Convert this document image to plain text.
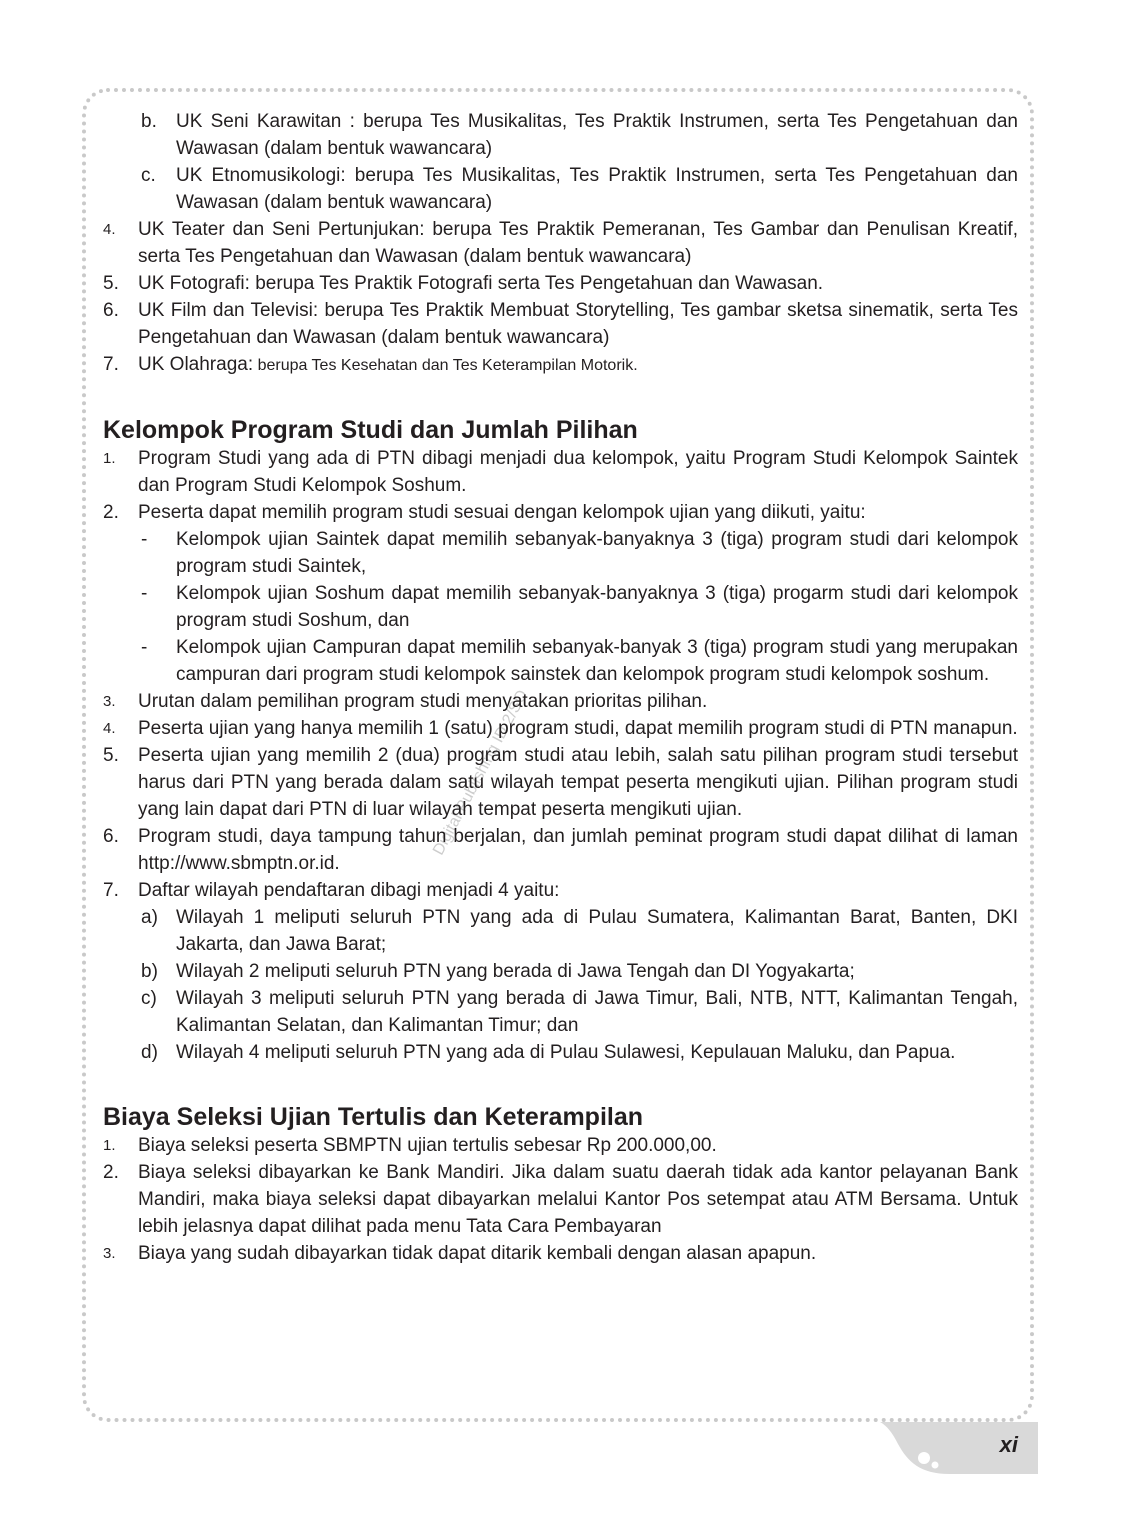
Digital Publishing ID 2/SO
b.	UK Seni Karawitan : berupa Tes Musikalitas, Tes Praktik Instrumen, serta Tes Pengetahuan dan Wawasan (dalam bentuk wawancara)
c.	UK Etnomusikologi: berupa Tes Musikalitas, Tes Praktik Instrumen, serta Tes Pengetahuan dan Wawasan (dalam bentuk wawancara)
4.	UK Teater dan Seni Pertunjukan: berupa Tes Praktik Pemeranan, Tes Gambar dan Penulisan Kreatif, serta Tes Pengetahuan dan Wawasan (dalam bentuk wawancara)
5.	UK Fotografi: berupa Tes Praktik Fotografi serta Tes Pengetahuan dan Wawasan.
6.	UK Film dan Televisi: berupa Tes Praktik Membuat Storytelling, Tes gambar sketsa sinematik, serta Tes Pengetahuan dan Wawasan (dalam bentuk wawancara)
7.	UK Olahraga: berupa Tes Kesehatan dan Tes Keterampilan Motorik.
Kelompok Program Studi dan Jumlah Pilihan
1.	Program Studi yang ada di PTN dibagi menjadi dua kelompok, yaitu Program Studi Kelompok Saintek dan Program Studi Kelompok Soshum.
2.	Peserta dapat memilih program studi sesuai dengan kelompok ujian yang diikuti, yaitu:
-	Kelompok ujian Saintek dapat memilih sebanyak-banyaknya 3 (tiga) program studi dari kelompok program studi Saintek,
-	Kelompok ujian Soshum dapat memilih sebanyak-banyaknya 3 (tiga) progarm studi dari kelompok program studi Soshum, dan
-	Kelompok ujian Campuran dapat memilih sebanyak-banyak 3 (tiga) program studi yang merupakan campuran dari program studi kelompok sainstek dan kelompok program studi kelompok soshum.
3.	Urutan dalam pemilihan program studi menyatakan prioritas pilihan.
4.	Peserta ujian yang hanya memilih 1 (satu) program studi, dapat memilih program studi di PTN manapun.
5.	Peserta ujian yang memilih 2 (dua) program studi atau lebih, salah satu pilihan program studi tersebut harus dari PTN yang berada dalam satu wilayah tempat peserta mengikuti ujian. Pilihan program studi yang lain dapat dari PTN di luar wilayah tempat peserta mengikuti ujian.
6.	Program studi, daya tampung tahun berjalan, dan jumlah peminat program studi dapat dilihat di laman http://www.sbmptn.or.id.
7.	Daftar wilayah pendaftaran dibagi menjadi 4 yaitu:
a) Wilayah 1 meliputi seluruh PTN yang ada di Pulau Sumatera, Kalimantan Barat, Banten, DKI Jakarta, dan Jawa Barat;
b) Wilayah 2 meliputi seluruh PTN yang berada di Jawa Tengah dan DI Yogyakarta;
c)	Wilayah 3 meliputi seluruh PTN yang berada di Jawa Timur, Bali, NTB, NTT, Kalimantan Tengah, Kalimantan Selatan, dan Kalimantan Timur; dan
d) Wilayah 4 meliputi seluruh PTN yang ada di Pulau Sulawesi, Kepulauan Maluku, dan Papua.
Biaya Seleksi Ujian Tertulis dan Keterampilan
1.	Biaya seleksi peserta SBMPTN ujian tertulis sebesar Rp 200.000,00.
2.	Biaya seleksi dibayarkan ke Bank Mandiri. Jika dalam suatu daerah tidak ada kantor pelayanan Bank Mandiri, maka biaya seleksi dapat dibayarkan melalui Kantor Pos setempat atau ATM Bersama. Untuk lebih jelasnya dapat dilihat pada menu Tata Cara Pembayaran
3.	Biaya yang sudah dibayarkan tidak dapat ditarik kembali dengan alasan apapun.
xi
